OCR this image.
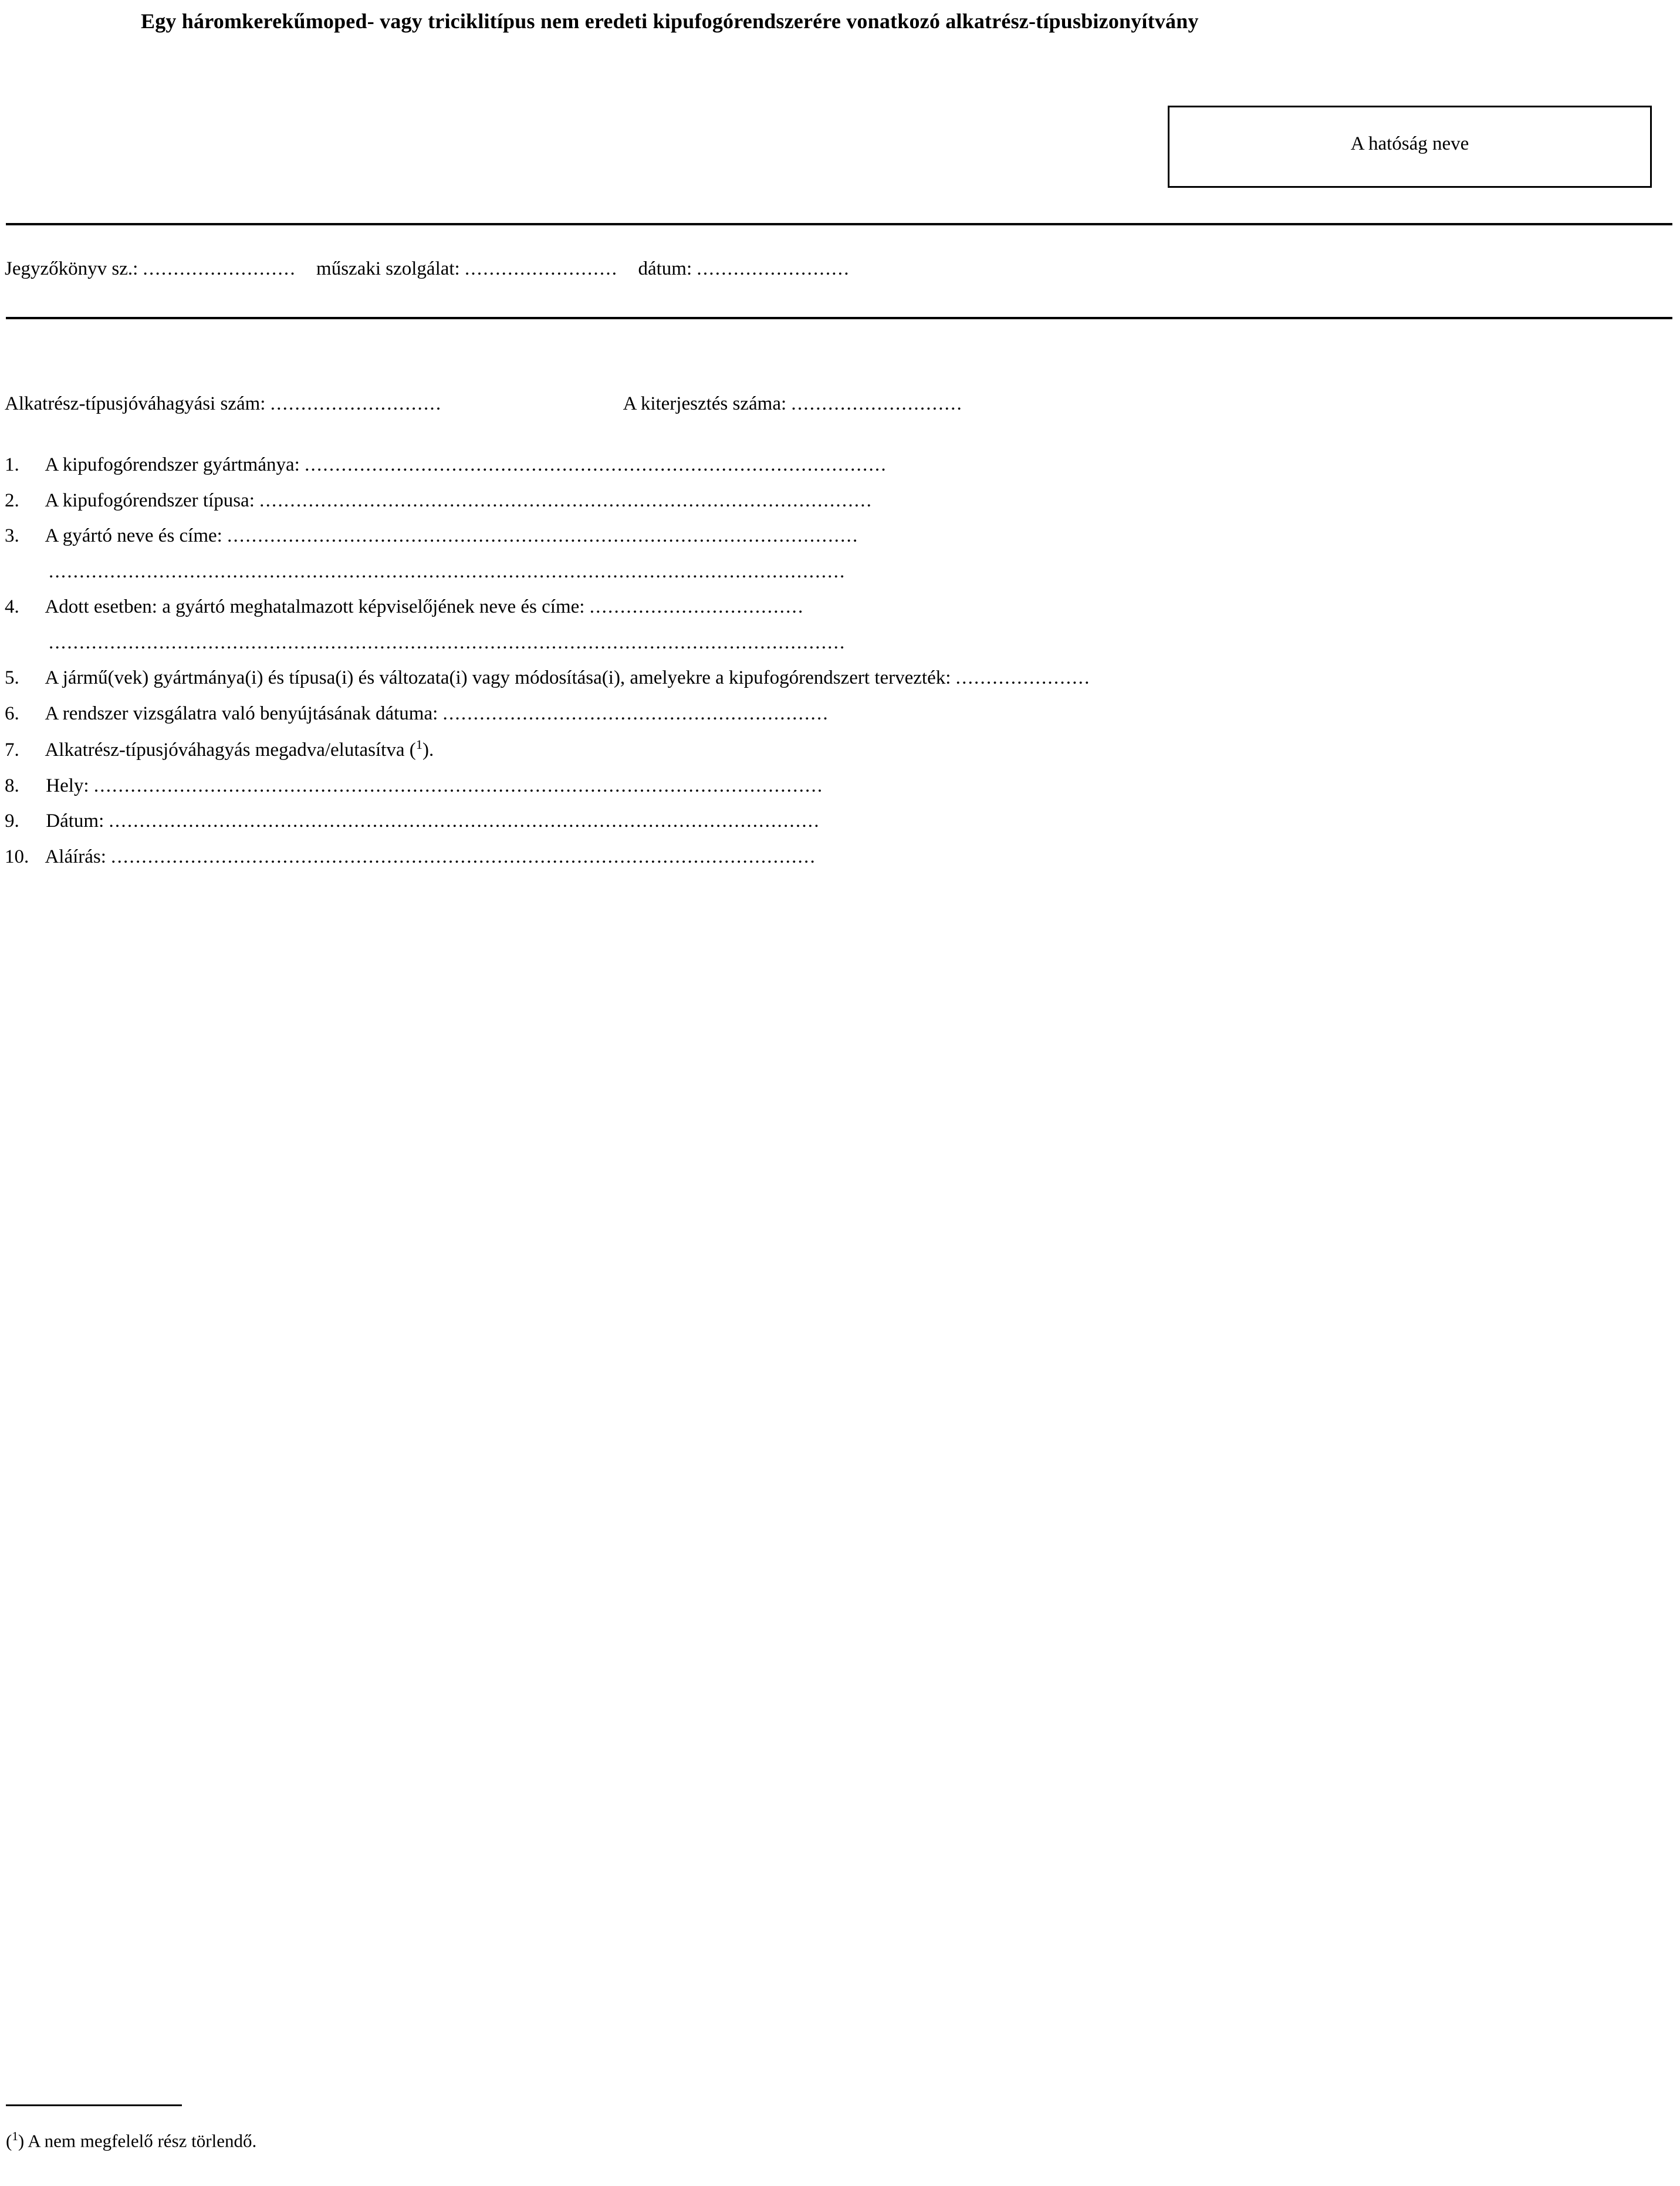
Egy háromkerekűmoped- vagy triciklitípus nem eredeti kipufogórendszerére vonatkozó alkatrész-típusbizonyítvány
A hatóság neve
Jegyzőkönyv sz.: ......................... műszaki szolgálat: ......................... dátum: .........................
Alkatrész-típusjóváhagyási szám: ............................	A kiterjesztés száma: ............................
1. A kipufogórendszer gyártmánya: ...............................................................................................
2. A kipufogórendszer típusa: ....................................................................................................
3. A gyártó neve és címe: .......................................................................................................
..................................................................................................................................
4. Adott esetben: a gyártó meghatalmazott képviselőjének neve és címe: ...................................
..................................................................................................................................
5. A jármű(vek) gyártmánya(i) és típusa(i) és változata(i) vagy módosítása(i), amelyekre a kipufogórendszert tervezték: ......................
6. A rendszer vizsgálatra való benyújtásának dátuma: ...............................................................
7. Alkatrész-típusjóváhagyás megadva/elutasítva ($^1$).
8. Hely: .......................................................................................................................
9. Dátum: ....................................................................................................................
10. Aláírás: ...................................................................................................................
($^1$) A nem megfelelő rész törlendő.
